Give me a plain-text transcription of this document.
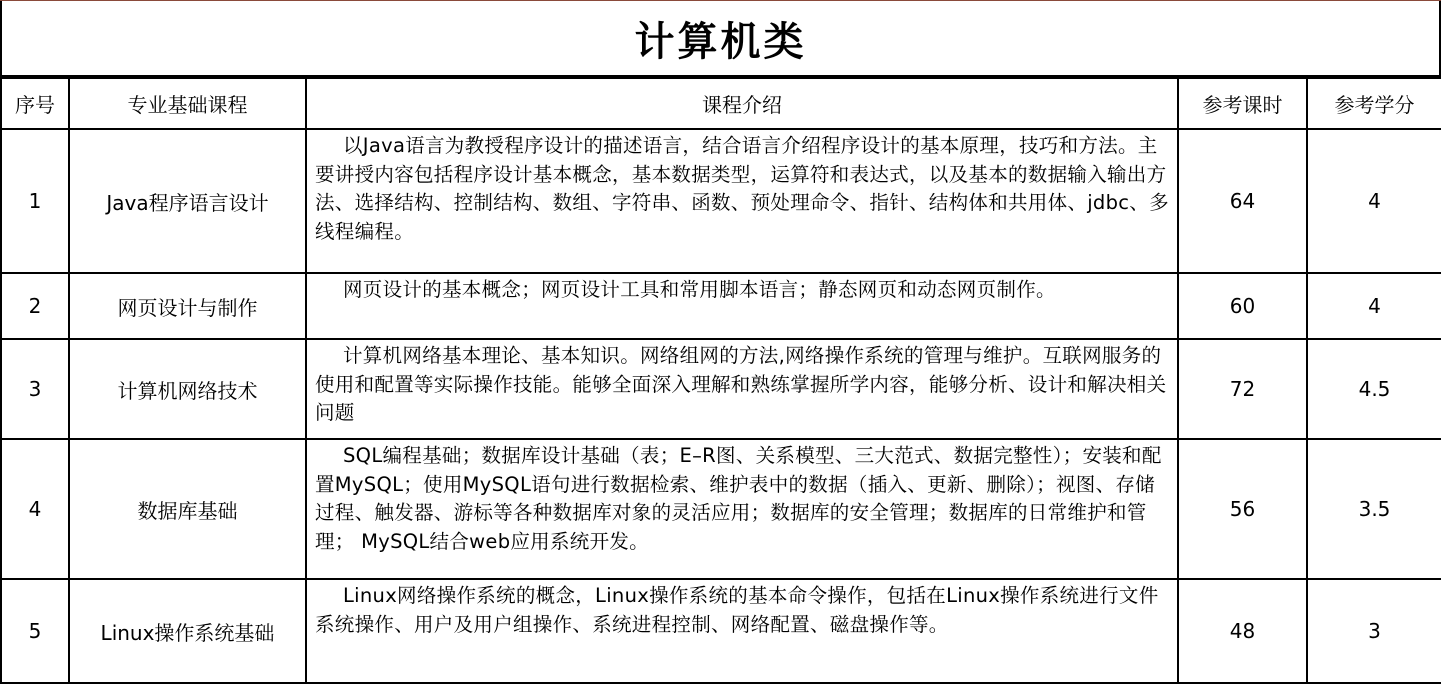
计算机类
序号	专业基础课程	课程介绍	参考课时	参考学分
1	Java程序语言设计	以Java语言为教授程序设计的描述语言，结合语言介绍程序设计的基本原理，技巧和方法。主要讲授内容包括程序设计基本概念，基本数据类型，运算符和表达式，以及基本的数据输入输出方法、选择结构、控制结构、数组、字符串、函数、预处理命令、指针、结构体和共用体、jdbc、多线程编程。	64	4
2	网页设计与制作	网页设计的基本概念；网页设计工具和常用脚本语言；静态网页和动态网页制作。	60	4
3	计算机网络技术	计算机网络基本理论、基本知识。网络组网的方法,网络操作系统的管理与维护。互联网服务的使用和配置等实际操作技能。能够全面深入理解和熟练掌握所学内容，能够分析、设计和解决相关问题	72	4.5
4	数据库基础	SQL编程基础；数据库设计基础（表；E–R图、关系模型、三大范式、数据完整性）；安装和配置MySQL；使用MySQL语句进行数据检索、维护表中的数据（插入、更新、删除）；视图、存储过程、触发器、游标等各种数据库对象的灵活应用；数据库的安全管理；数据库的日常维护和管理； MySQL结合web应用系统开发。	56	3.5
5	Linux操作系统基础	Linux网络操作系统的概念，Linux操作系统的基本命令操作，包括在Linux操作系统进行文件系统操作、用户及用户组操作、系统进程控制、网络配置、磁盘操作等。	48	3
